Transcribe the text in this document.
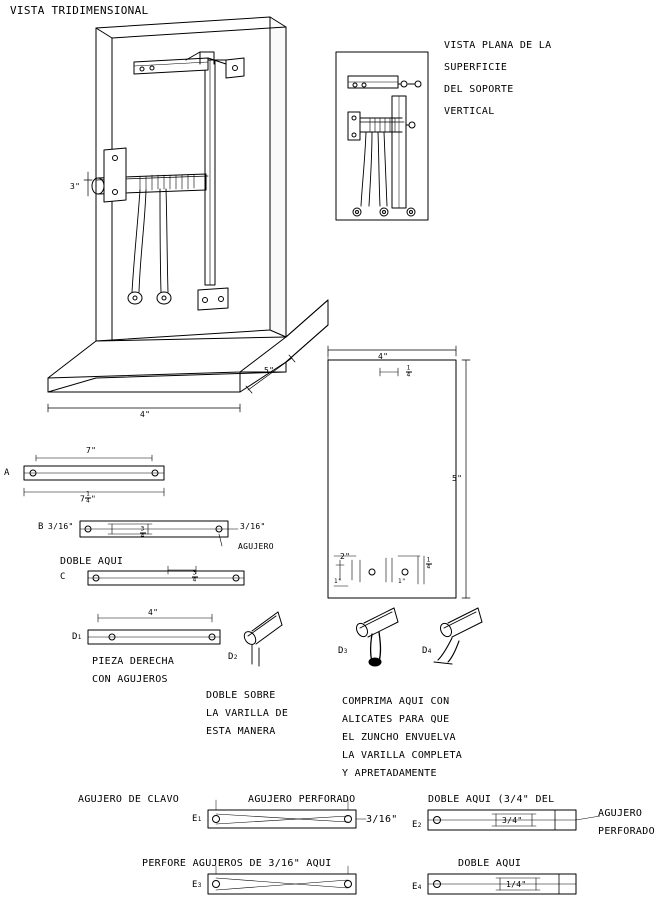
VISTA TRIDIMENSIONAL
VISTA PLANA DE LA
SUPERFICIE
DEL SOPORTE
VERTICAL
3"
5"
4"
4"
5"

$\frac{1}{4}$

2"

$\frac{1}{4}$

1"	1"
A
7"
$7 \frac{1}{4}$ "
B 3/16"

	$\frac{3}{4}$

	3/16"
AGUJERO
DOBLE AQUI
C

	$\frac{3}{4}$

D1
4"
PIEZA DERECHA
CON AGUJEROS
D2
DOBLE SOBRE
LA VARILLA DE
ESTA MANERA
D3
COMPRIMA AQUI CON
ALICATES PARA QUE
EL ZUNCHO ENVUELVA
LA VARILLA COMPLETA
Y APRETADAMENTE
D4
AGUJERO DE CLAVO	AGUJERO PERFORADO
E1	3/16"
DOBLE AQUI (3/4" DEL
E2
3/4"
AGUJERO
PERFORADO
PERFORE AGUJEROS DE 3/16" AQUI
E3
DOBLE AQUI
E4	1/4"
